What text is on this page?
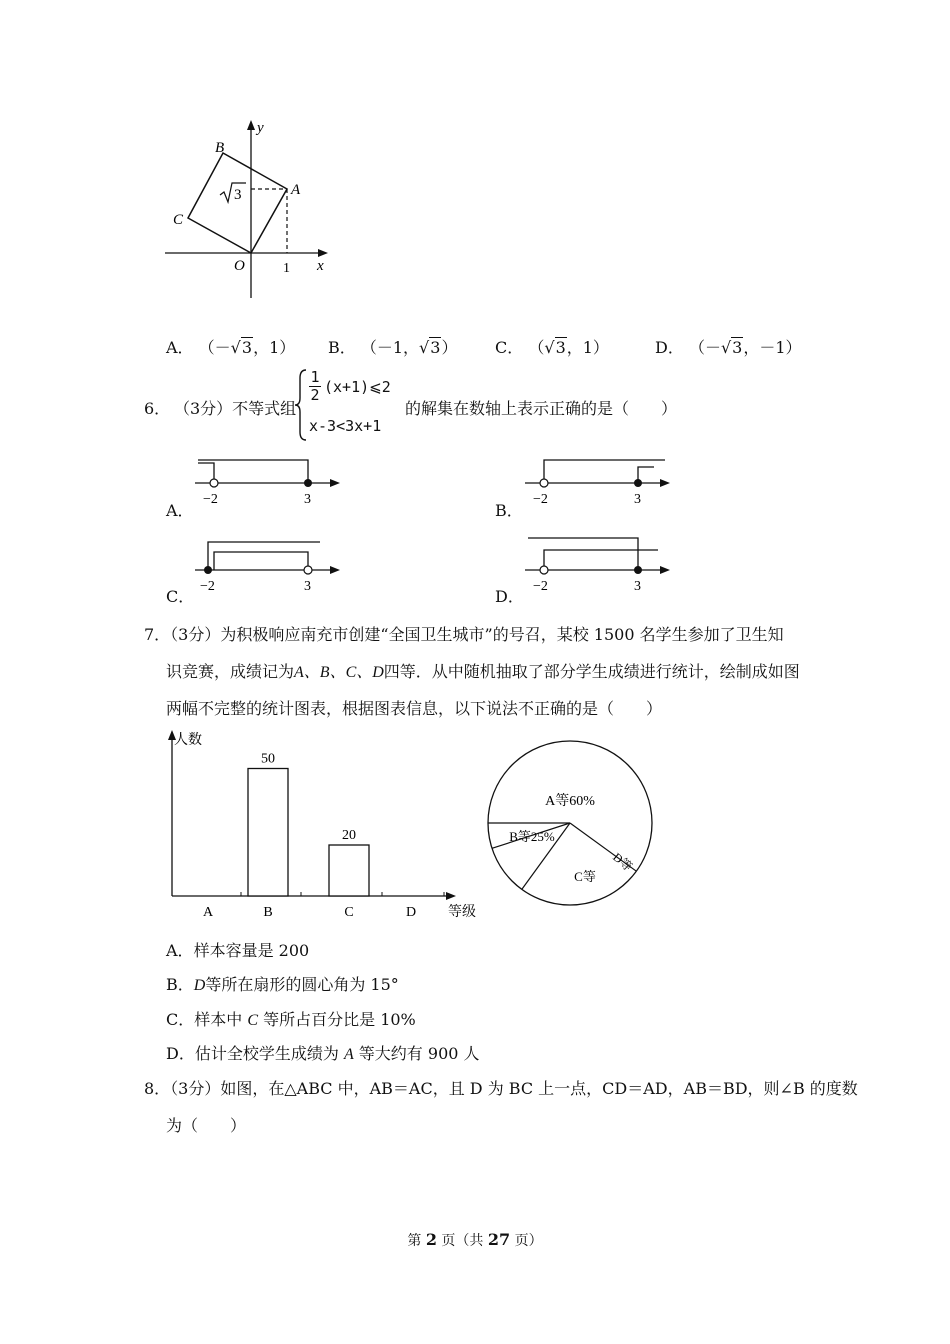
B
A
C
O
y
x
1
3
A． （－√3，1） B． （－1，√3） C． （√3，1）	D． （－√3，－1）
6． （3分）不等式组
1
2 (x+1)⩽2
x-3<3x+1
的解集在数轴上表示正确的是（　　）
A．
−2	3
B．
−2	3
C．
−2	3
D．
−2	3
7．（3分）为积极响应南充市创建“全国卫生城市”的号召，某校 1500 名学生参加了卫生知
识竞赛，成绩记为A、B、C、D四等．从中随机抽取了部分学生成绩进行统计，绘制成如图
两幅不完整的统计图表，根据图表信息，以下说法不正确的是（　　）
人数
等级
A
50
B
20
C	D
A等60%
B等25%
C等
D等
A．样本容量是 200
B．D等所在扇形的圆心角为 15°
C．样本中 C 等所占百分比是 10%
D．估计全校学生成绩为 A 等大约有 900 人
8．（3分）如图，在△ABC 中，AB＝AC，且 D 为 BC 上一点，CD＝AD，AB＝BD，则∠B 的度数
为（　　）
第 2 页（共 27 页）
